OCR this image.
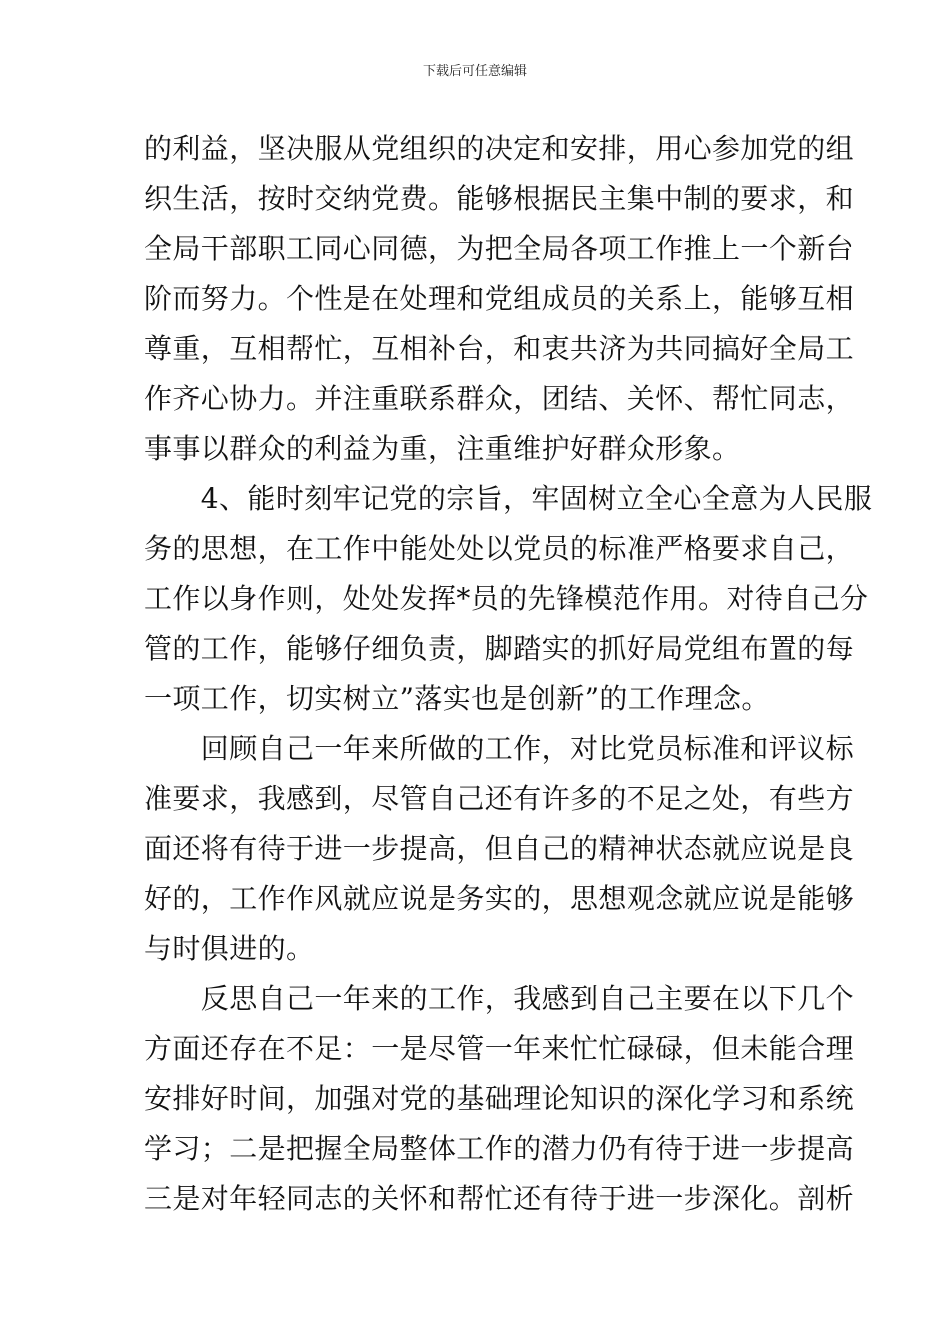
下载后可任意编辑
的利益，坚决服从党组织的决定和安排，用心参加党的组
织生活，按时交纳党费。能够根据民主集中制的要求，和
全局干部职工同心同德，为把全局各项工作推上一个新台
阶而努力。个性是在处理和党组成员的关系上，能够互相
尊重，互相帮忙，互相补台，和衷共济为共同搞好全局工
作齐心协力。并注重联系群众，团结、关怀、帮忙同志，
事事以群众的利益为重，注重维护好群众形象。
　　4、能时刻牢记党的宗旨，牢固树立全心全意为人民服
务的思想，在工作中能处处以党员的标准严格要求自己，
工作以身作则，处处发挥*员的先锋模范作用。对待自己分
管的工作，能够仔细负责，脚踏实的抓好局党组布置的每
一项工作，切实树立”落实也是创新”的工作理念。
　　回顾自己一年来所做的工作，对比党员标准和评议标
准要求，我感到，尽管自己还有许多的不足之处，有些方
面还将有待于进一步提高，但自己的精神状态就应说是良
好的，工作作风就应说是务实的，思想观念就应说是能够
与时俱进的。
　　反思自己一年来的工作，我感到自己主要在以下几个
方面还存在不足：一是尽管一年来忙忙碌碌，但未能合理
安排好时间，加强对党的基础理论知识的深化学习和系统
学习；二是把握全局整体工作的潜力仍有待于进一步提高
三是对年轻同志的关怀和帮忙还有待于进一步深化。剖析
